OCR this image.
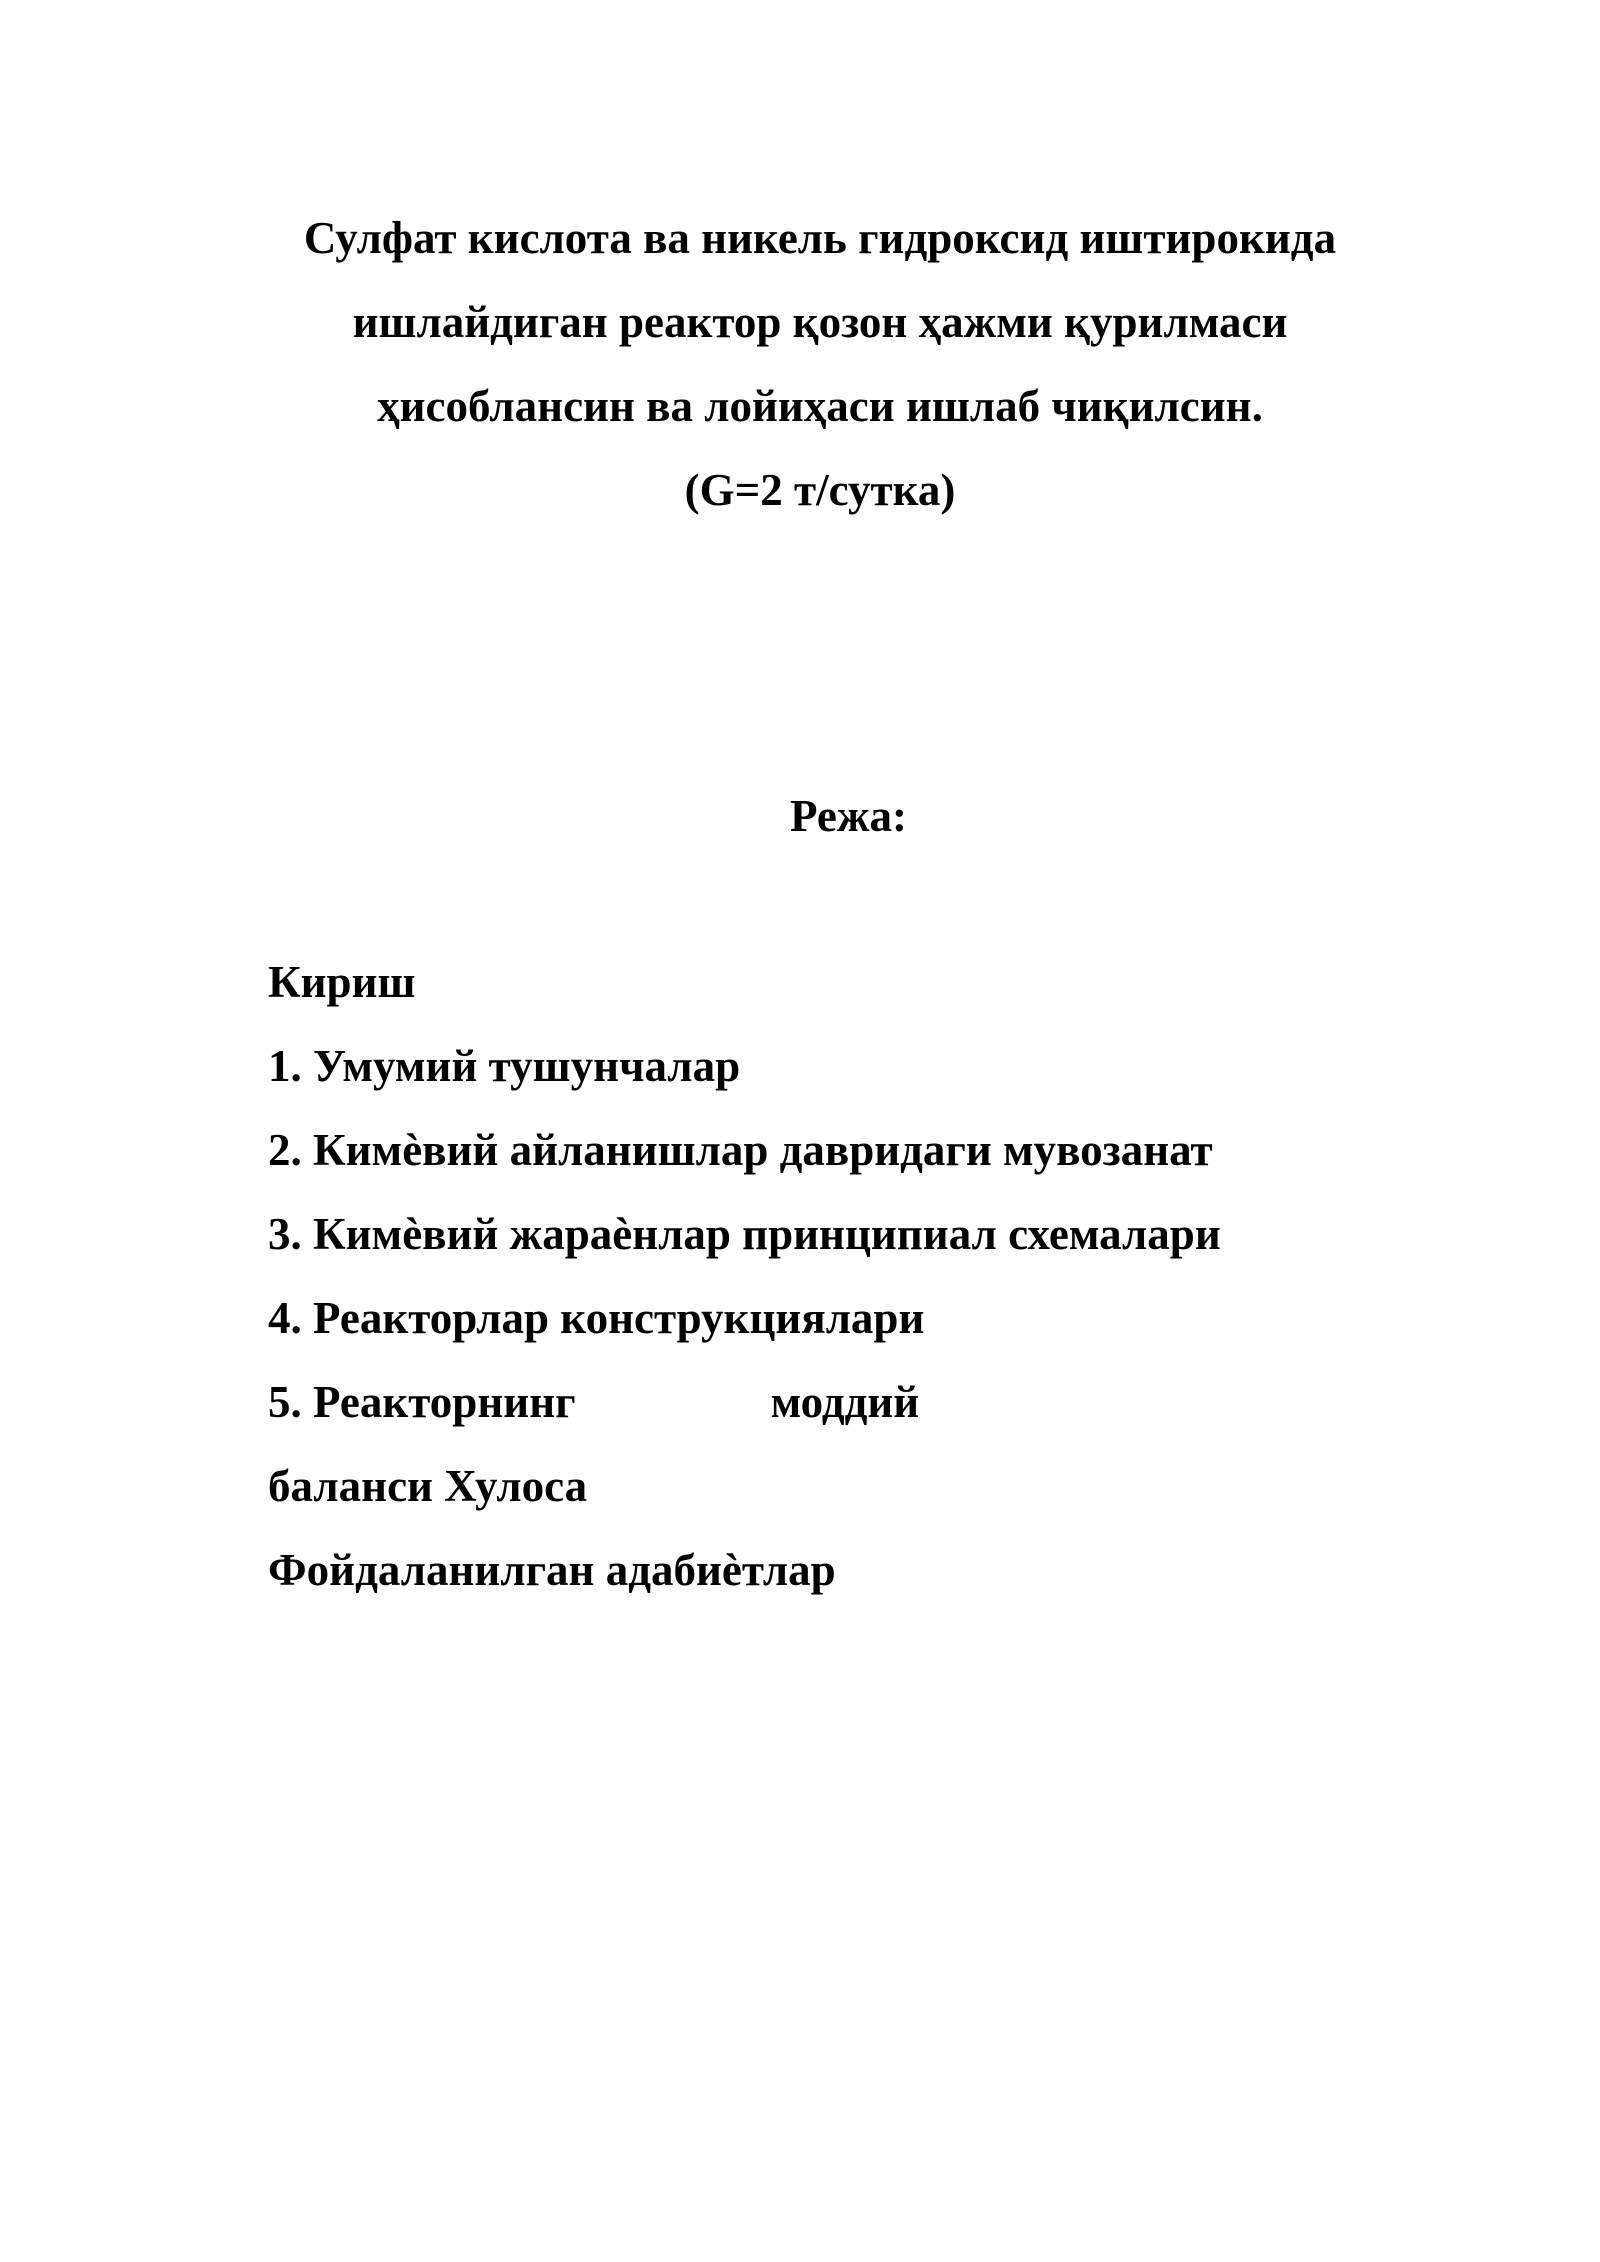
Сулфат кислота ва никель гидроксид иштирокида
ишлайдиган реактор қозон ҳажми қурилмаси
ҳисоблансин ва лойиҳаси ишлаб чиқилсин.
(G=2 т/сутка)
Режа:
Кириш
1. Умумий тушунчалар
2. Кимѐвий айланишлар давридаги мувозанат
3. Кимѐвий жараѐнлар принципиал схемалари
4. Реакторлар конструкциялари
5. Реакторнинг	моддий
баланси Хулоса
Фойдаланилган адабиѐтлар
